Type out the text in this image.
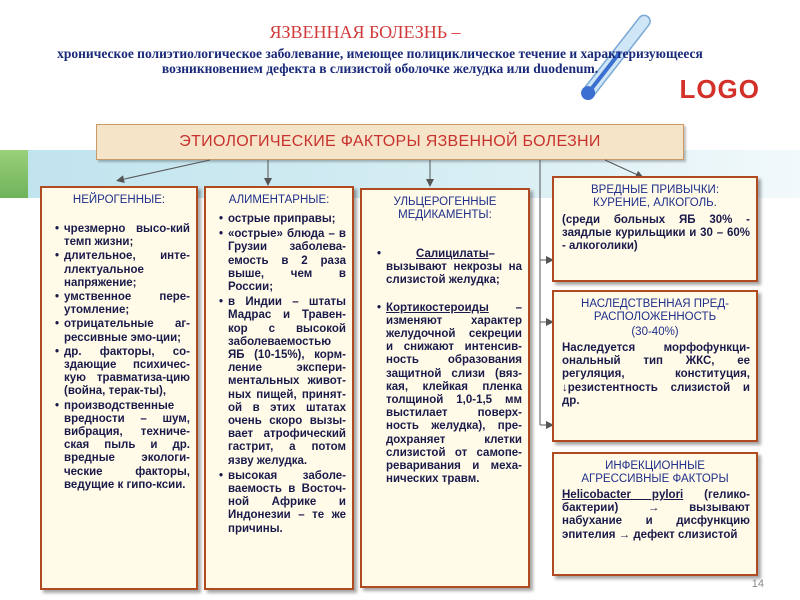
ЯЗВЕННАЯ БОЛЕЗНЬ –
хроническое полиэтиологическое заболевание, имеющее полициклическое течение и характеризующееся возникновением дефекта в слизистой оболочке желудка или duodenum.
LOGO
ЭТИОЛОГИЧЕСКИЕ ФАКТОРЫ ЯЗВЕННОЙ БОЛЕЗНИ
НЕЙРОГЕННЫЕ:
• чрезмерно высо-кий темп жизни;
• длительное, инте-ллектуальное напряжение;
• умственное пере-утомление;
• отрицательные аг-рессивные эмо-ции;
• др. факторы, со-здающие психичес-кую травматиза-цию (война, терак-ты),
• производственные вредности – шум, вибрация, техниче-ская пыль и др. вредные экологи-ческие факторы, ведущие к гипо-ксии.
АЛИМЕНТАРНЫЕ:
• острые приправы;
• «острые» блюда – в Грузии заболева-емость в 2 раза выше, чем в России;
• в Индии – штаты Мадрас и Травен-кор с высокой заболеваемостью ЯБ (10-15%), корм-ление экспери-ментальных живот-ных пищей, принят-ой в этих штатах очень скоро вызы-вает атрофический гастрит, а потом язву желудка.
• высокая заболе-ваемость в Восточ-ной Африке и Индонезии – те же причины.
УЛЬЦЕРОГЕННЫЕ МЕДИКАМЕНТЫ:
• Салицилаты– вызывают некрозы на слизистой желудка;
• Кортикостероиды – изменяют характер желудочной секреции и снижают интенсив-ность образования защитной слизи (вяз-кая, клейкая пленка толщиной 1,0-1,5 мм выстилает поверх-ность желудка), пре-дохраняет клетки слизистой от самопе-реваривания и меха-нических травм.
ВРЕДНЫЕ ПРИВЫЧКИ: КУРЕНИЕ, АЛКОГОЛЬ.
(среди больных ЯБ 30% - заядлые курильщики и 30 – 60% - алкоголики)
НАСЛЕДСТВЕННАЯ ПРЕД-РАСПОЛОЖЕННОСТЬ
(30-40%)
Наследуется морфофункци-ональный тип ЖКС, ее регуляция, конституция, ↓резистентность слизистой и др.
ИНФЕКЦИОННЫЕ АГРЕССИВНЫЕ ФАКТОРЫ
Helicobacter pylori (гелико-бактерии) → вызывают набухание и дисфункцию эпителия → дефект слизистой
14
